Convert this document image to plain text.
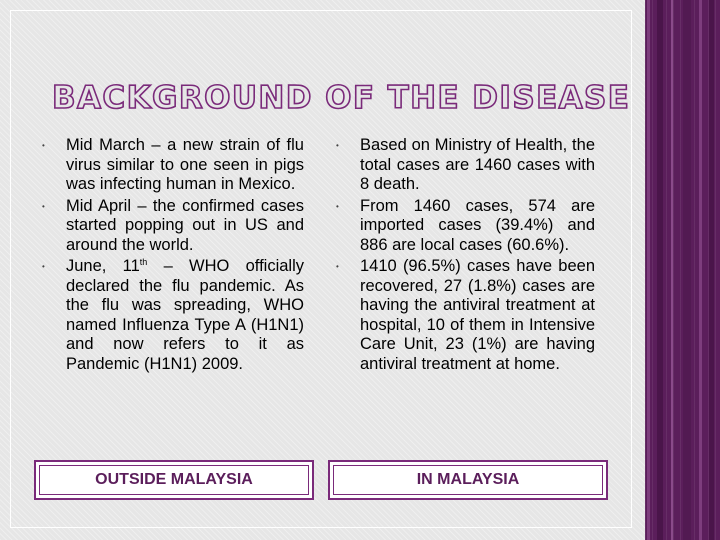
BACKGROUND OF THE DISEASE
• Mid March – a new strain of flu virus similar to one seen in pigs was infecting human in Mexico.
• Mid April – the confirmed cases started popping out in US and around the world.
• June, 11th – WHO officially declared the flu pandemic. As the flu was spreading, WHO named Influenza Type A (H1N1) and now refers to it as Pandemic (H1N1) 2009.
• Based on Ministry of Health, the total cases are 1460 cases with 8 death.
• From 1460 cases, 574 are imported cases (39.4%) and 886 are local cases (60.6%).
• 1410 (96.5%) cases have been recovered, 27 (1.8%) cases are having the antiviral treatment at hospital, 10 of them in Intensive Care Unit, 23 (1%) are having antiviral treatment at home.
OUTSIDE MALAYSIA	IN MALAYSIA
